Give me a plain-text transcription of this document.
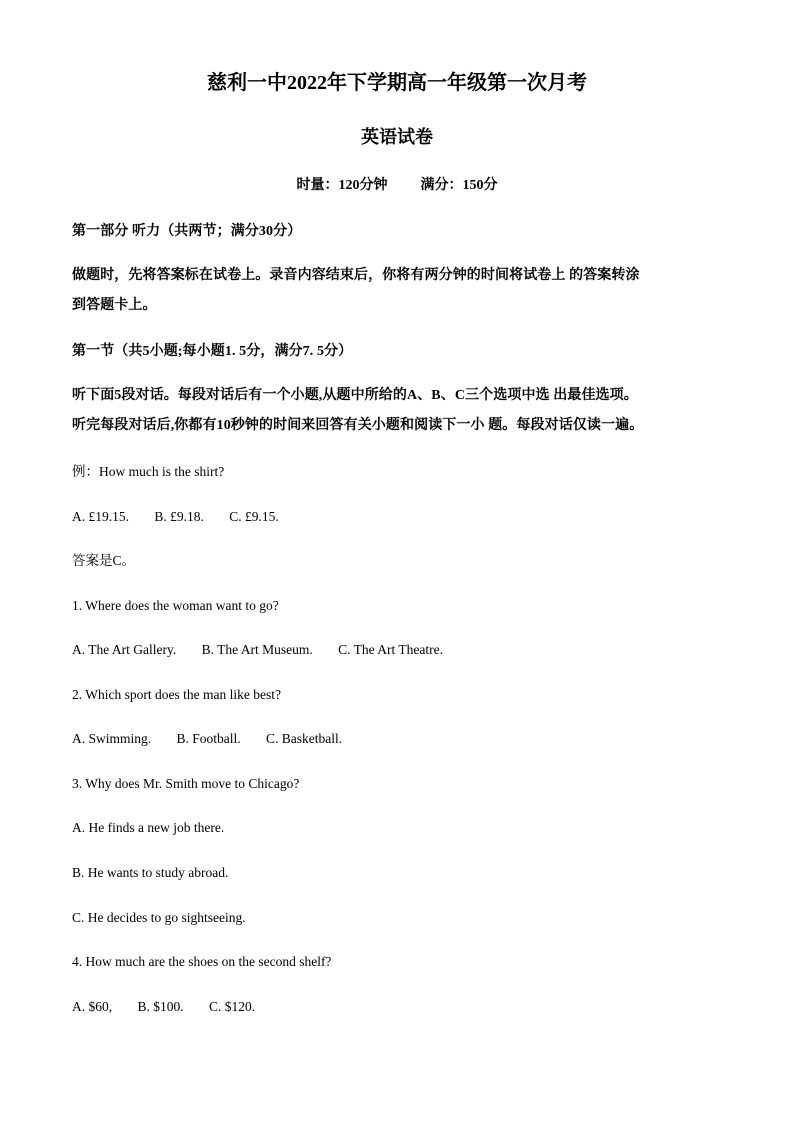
慈利一中2022年下学期高一年级第一次月考
英语试卷
时量：120分钟 满分：150分
第一部分 听力（共两节；满分30分）
做题时，先将答案标在试卷上。录音内容结束后，你将有两分钟的时间将试卷上 的答案转涂
到答题卡上。
第一节（共5小题;每小题1. 5分，满分7. 5分）
听下面5段对话。每段对话后有一个小题,从题中所给的A、B、C三个选项中选 出最佳选项。
听完每段对话后,你都有10秒钟的时间来回答有关小题和阅读下一小 题。每段对话仅读一遍。
例：How much is the shirt?
A. £19.15. B. £9.18. C. £9.15.
答案是C。
1. Where does the woman want to go?
A. The Art Gallery. B. The Art Museum. C. The Art Theatre.
2. Which sport does the man like best?
A. Swimming. B. Football. C. Basketball.
3. Why does Mr. Smith move to Chicago?
A. He finds a new job there.
B. He wants to study abroad.
C. He decides to go sightseeing.
4. How much are the shoes on the second shelf?
A. $60, B. $100. C. $120.
